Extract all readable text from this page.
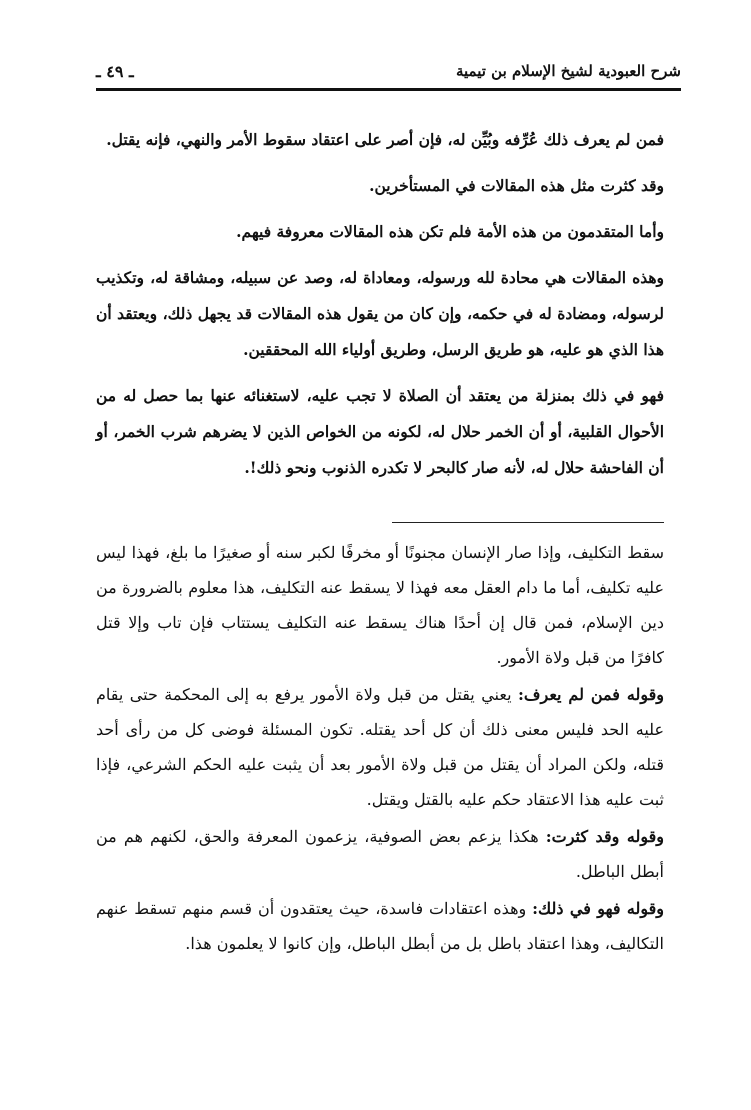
شرح العبودية لشيخ الإسلام بن تيمية
ـ ٤٩ ـ

فمن لم يعرف ذلك عُرِّفه وبُيِّن له، فإن أصر على اعتقاد سقوط الأمر والنهي، فإنه يقتل.

وقد كثرت مثل هذه المقالات في المستأخرين.

وأما المتقدمون من هذه الأمة فلم تكن هذه المقالات معروفة فيهم.

وهذه المقالات هي محادة لله ورسوله، ومعاداة له، وصد عن سبيله، ومشاقة له، وتكذيب لرسوله، ومضادة له في حكمه، وإن كان من يقول هذه المقالات قد يجهل ذلك، ويعتقد أن هذا الذي هو عليه، هو طريق الرسل، وطريق أولياء الله المحققين.

فهو في ذلك بمنزلة من يعتقد أن الصلاة لا تجب عليه، لاستغنائه عنها بما حصل له من الأحوال القلبية، أو أن الخمر حلال له، لكونه من الخواص الذين لا يضرهم شرب الخمر، أو أن الفاحشة حلال له، لأنه صار كالبحر لا تكدره الذنوب ونحو ذلك!.

سقط التكليف، وإذا صار الإنسان مجنونًا أو مخرفًا لكبر سنه أو صغيرًا ما بلغ، فهذا ليس عليه تكليف، أما ما دام العقل معه فهذا لا يسقط عنه التكليف، هذا معلوم بالضرورة من دين الإسلام، فمن قال إن أحدًا هناك يسقط عنه التكليف يستتاب فإن تاب وإلا قتل كافرًا من قبل ولاة الأمور.

وقوله فمن لم يعرف: يعني يقتل من قبل ولاة الأمور يرفع به إلى المحكمة حتى يقام عليه الحد فليس معنى ذلك أن كل أحد يقتله. تكون المسئلة فوضى كل من رأى أحد قتله، ولكن المراد أن يقتل من قبل ولاة الأمور بعد أن يثبت عليه الحكم الشرعي، فإذا ثبت عليه هذا الاعتقاد حكم عليه بالقتل ويقتل.

وقوله وقد كثرت: هكذا يزعم بعض الصوفية، يزعمون المعرفة والحق، لكنهم هم من أبطل الباطل.

وقوله فهو في ذلك: وهذه اعتقادات فاسدة، حيث يعتقدون أن قسم منهم تسقط عنهم التكاليف، وهذا اعتقاد باطل بل من أبطل الباطل، وإن كانوا لا يعلمون هذا.
